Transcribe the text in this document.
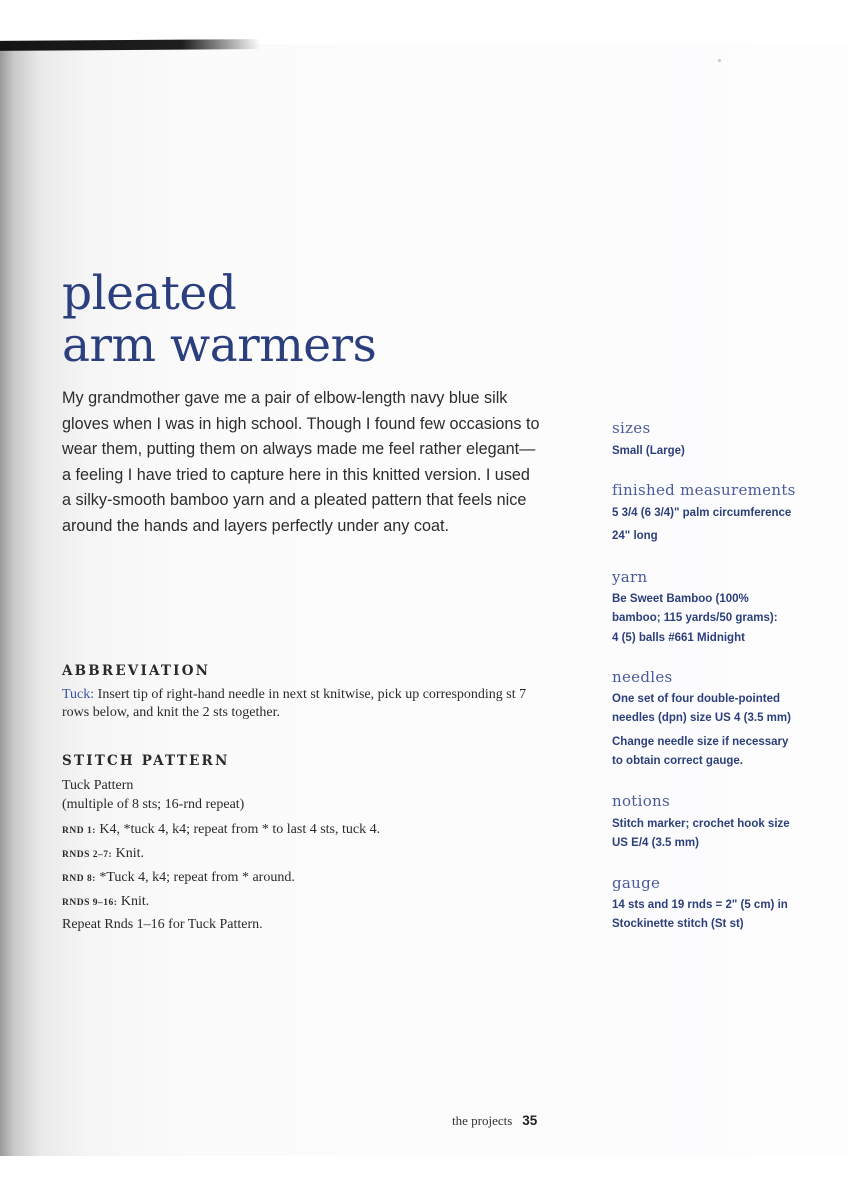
pleated
arm warmers

My grandmother gave me a pair of elbow-length navy blue silk gloves when I was in high school. Though I found few occasions to wear them, putting them on always made me feel rather elegant—a feeling I have tried to capture here in this knitted version. I used a silky-smooth bamboo yarn and a pleated pattern that feels nice around the hands and layers perfectly under any coat.

ABBREVIATION

Tuck: Insert tip of right-hand needle in next st knitwise, pick up corresponding st 7 rows below, and knit the 2 sts together.

STITCH PATTERN
Tuck Pattern
(multiple of 8 sts; 16-rnd repeat)
RND 1: K4, *tuck 4, k4; repeat from * to last 4 sts, tuck 4.
RNDS 2–7: Knit.
RND 8: *Tuck 4, k4; repeat from * around.
RNDS 9–16: Knit.
Repeat Rnds 1–16 for Tuck Pattern.
sizes

Small (Large)

finished measurements

5 3/4 (6 3/4)" palm circumference
24" long

yarn

Be Sweet Bamboo (100%
bamboo; 115 yards/50 grams):
4 (5) balls #661 Midnight

needles

One set of four double-pointed
needles (dpn) size US 4 (3.5 mm)
Change needle size if necessary
to obtain correct gauge.

notions

Stitch marker; crochet hook size
US E/4 (3.5 mm)

gauge

14 sts and 19 rnds = 2" (5 cm) in
Stockinette stitch (St st)

the projects 35
